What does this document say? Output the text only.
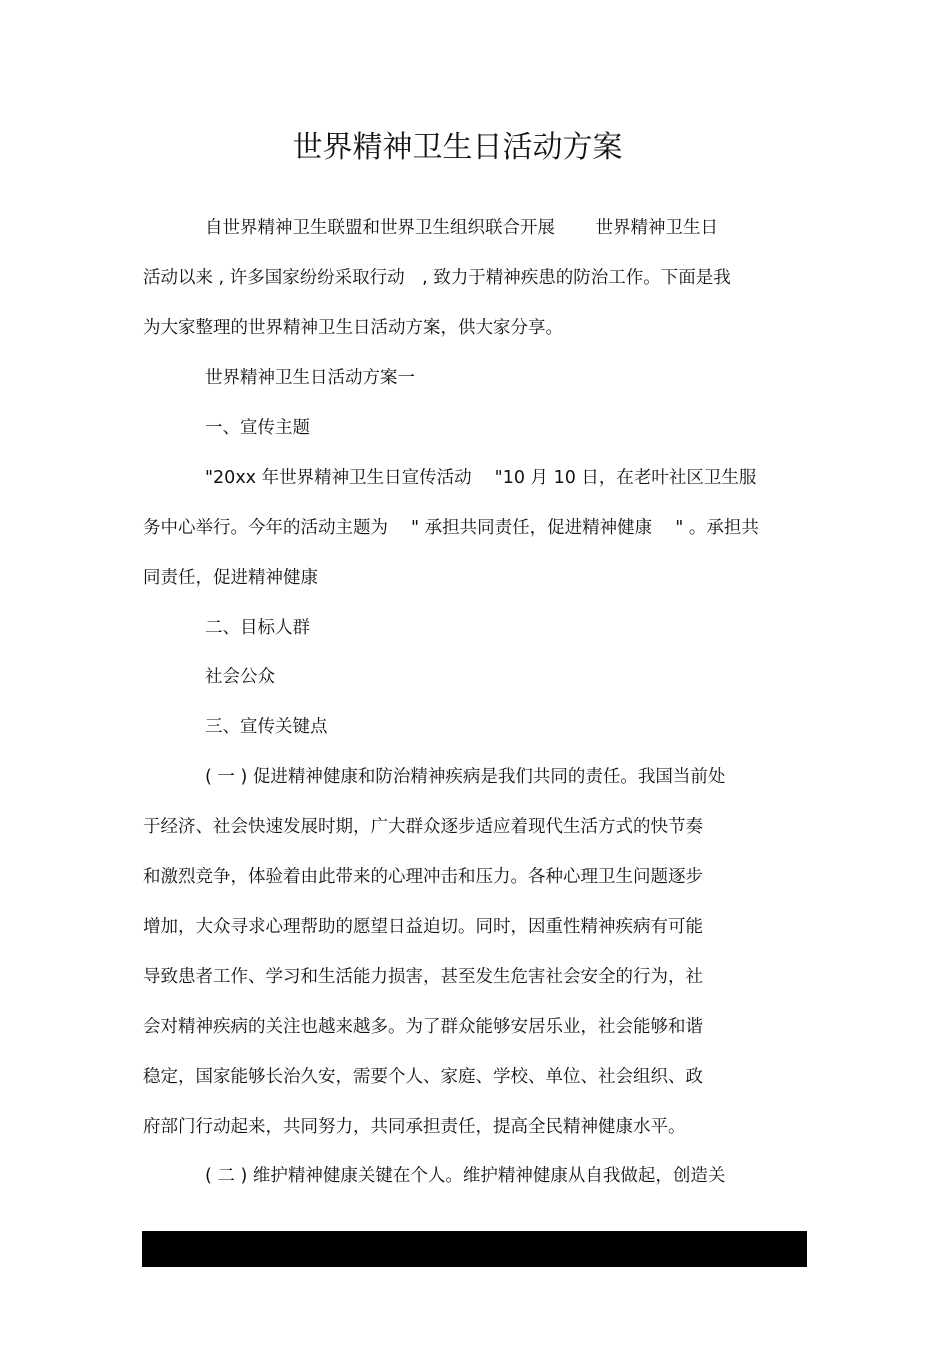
世界精神卫生日活动方案
自世界精神卫生联盟和世界卫生组织联合开展　　 世界精神卫生日
活动以来 , 许多国家纷纷采取行动　, 致力于精神疾患的防治工作。下面是我
为大家整理的世界精神卫生日活动方案，供大家分享。
世界精神卫生日活动方案一
一、宣传主题
"20xx 年世界精神卫生日宣传活动　 "10 月 10 日，在老叶社区卫生服
务中心举行。今年的活动主题为　 " 承担共同责任，促进精神健康　 " 。承担共
同责任，促进精神健康
二、目标人群
社会公众
三、宣传关键点
( 一 ) 促进精神健康和防治精神疾病是我们共同的责任。我国当前处
于经济、社会快速发展时期，广大群众逐步适应着现代生活方式的快节奏
和激烈竞争，体验着由此带来的心理冲击和压力。各种心理卫生问题逐步
增加，大众寻求心理帮助的愿望日益迫切。同时，因重性精神疾病有可能
导致患者工作、学习和生活能力损害，甚至发生危害社会安全的行为，社
会对精神疾病的关注也越来越多。为了群众能够安居乐业，社会能够和谐
稳定，国家能够长治久安，需要个人、家庭、学校、单位、社会组织、政
府部门行动起来，共同努力，共同承担责任，提高全民精神健康水平。
( 二 ) 维护精神健康关键在个人。维护精神健康从自我做起，创造关
